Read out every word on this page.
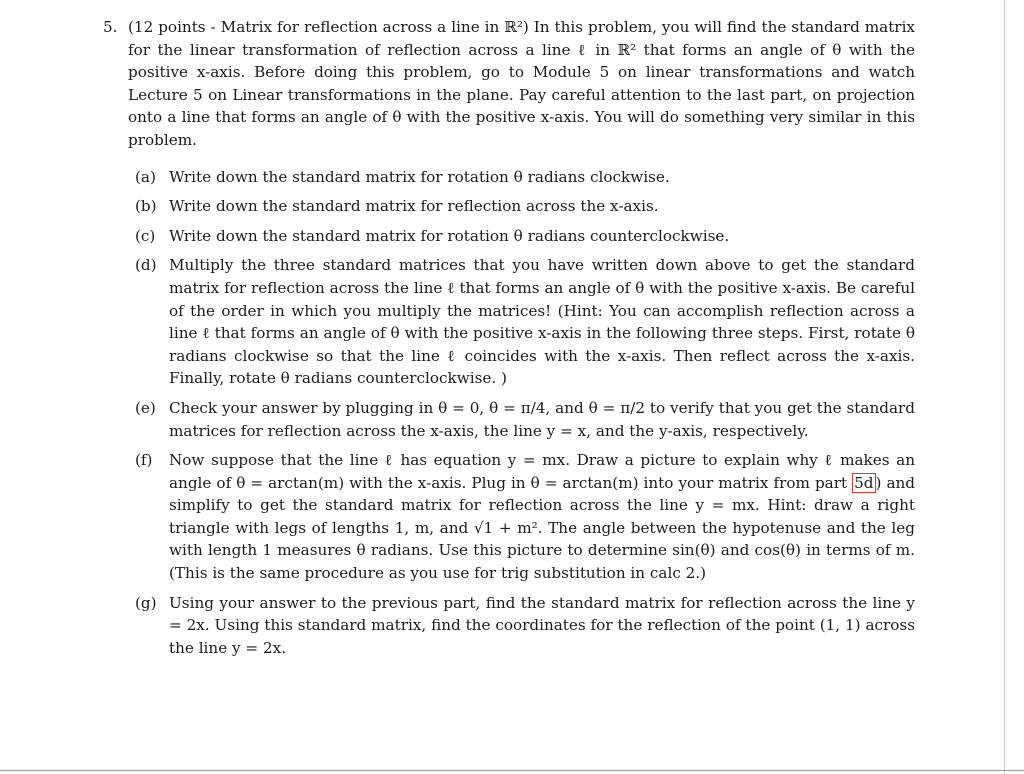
5. (12 points - Matrix for reflection across a line in ℝ²) In this problem, you will find the standard matrix for the linear transformation of reflection across a line ℓ in ℝ² that forms an angle of θ with the positive x-axis. Before doing this problem, go to Module 5 on linear transformations and watch Lecture 5 on Linear transformations in the plane. Pay careful attention to the last part, on projection onto a line that forms an angle of θ with the positive x-axis. You will do something very similar in this problem.
(a) Write down the standard matrix for rotation θ radians clockwise.
(b) Write down the standard matrix for reflection across the x-axis.
(c) Write down the standard matrix for rotation θ radians counterclockwise.
(d) Multiply the three standard matrices that you have written down above to get the standard matrix for reflection across the line ℓ that forms an angle of θ with the positive x-axis. Be careful of the order in which you multiply the matrices! (Hint: You can accomplish reflection across a line ℓ that forms an angle of θ with the positive x-axis in the following three steps. First, rotate θ radians clockwise so that the line ℓ coincides with the x-axis. Then reflect across the x-axis. Finally, rotate θ radians counterclockwise. )
(e) Check your answer by plugging in θ = 0, θ = π/4, and θ = π/2 to verify that you get the standard matrices for reflection across the x-axis, the line y = x, and the y-axis, respectively.
(f)	Now suppose that the line ℓ has equation y = mx. Draw a picture to explain why ℓ makes an angle of θ = arctan(m) with the x-axis. Plug in θ = arctan(m) into your matrix from part 5d ) and simplify to get the standard matrix for reflection across the line y = mx. Hint: draw a right triangle with legs of lengths 1, m, and √1 + m². The angle between the hypotenuse and the leg with length 1 measures θ radians. Use this picture to determine sin(θ) and cos(θ) in terms of m. (This is the same procedure as you use for trig substitution in calc 2.)
(g) Using your answer to the previous part, find the standard matrix for reflection across the line y = 2x. Using this standard matrix, find the coordinates for the reflection of the point (1, 1) across the line y = 2x.
